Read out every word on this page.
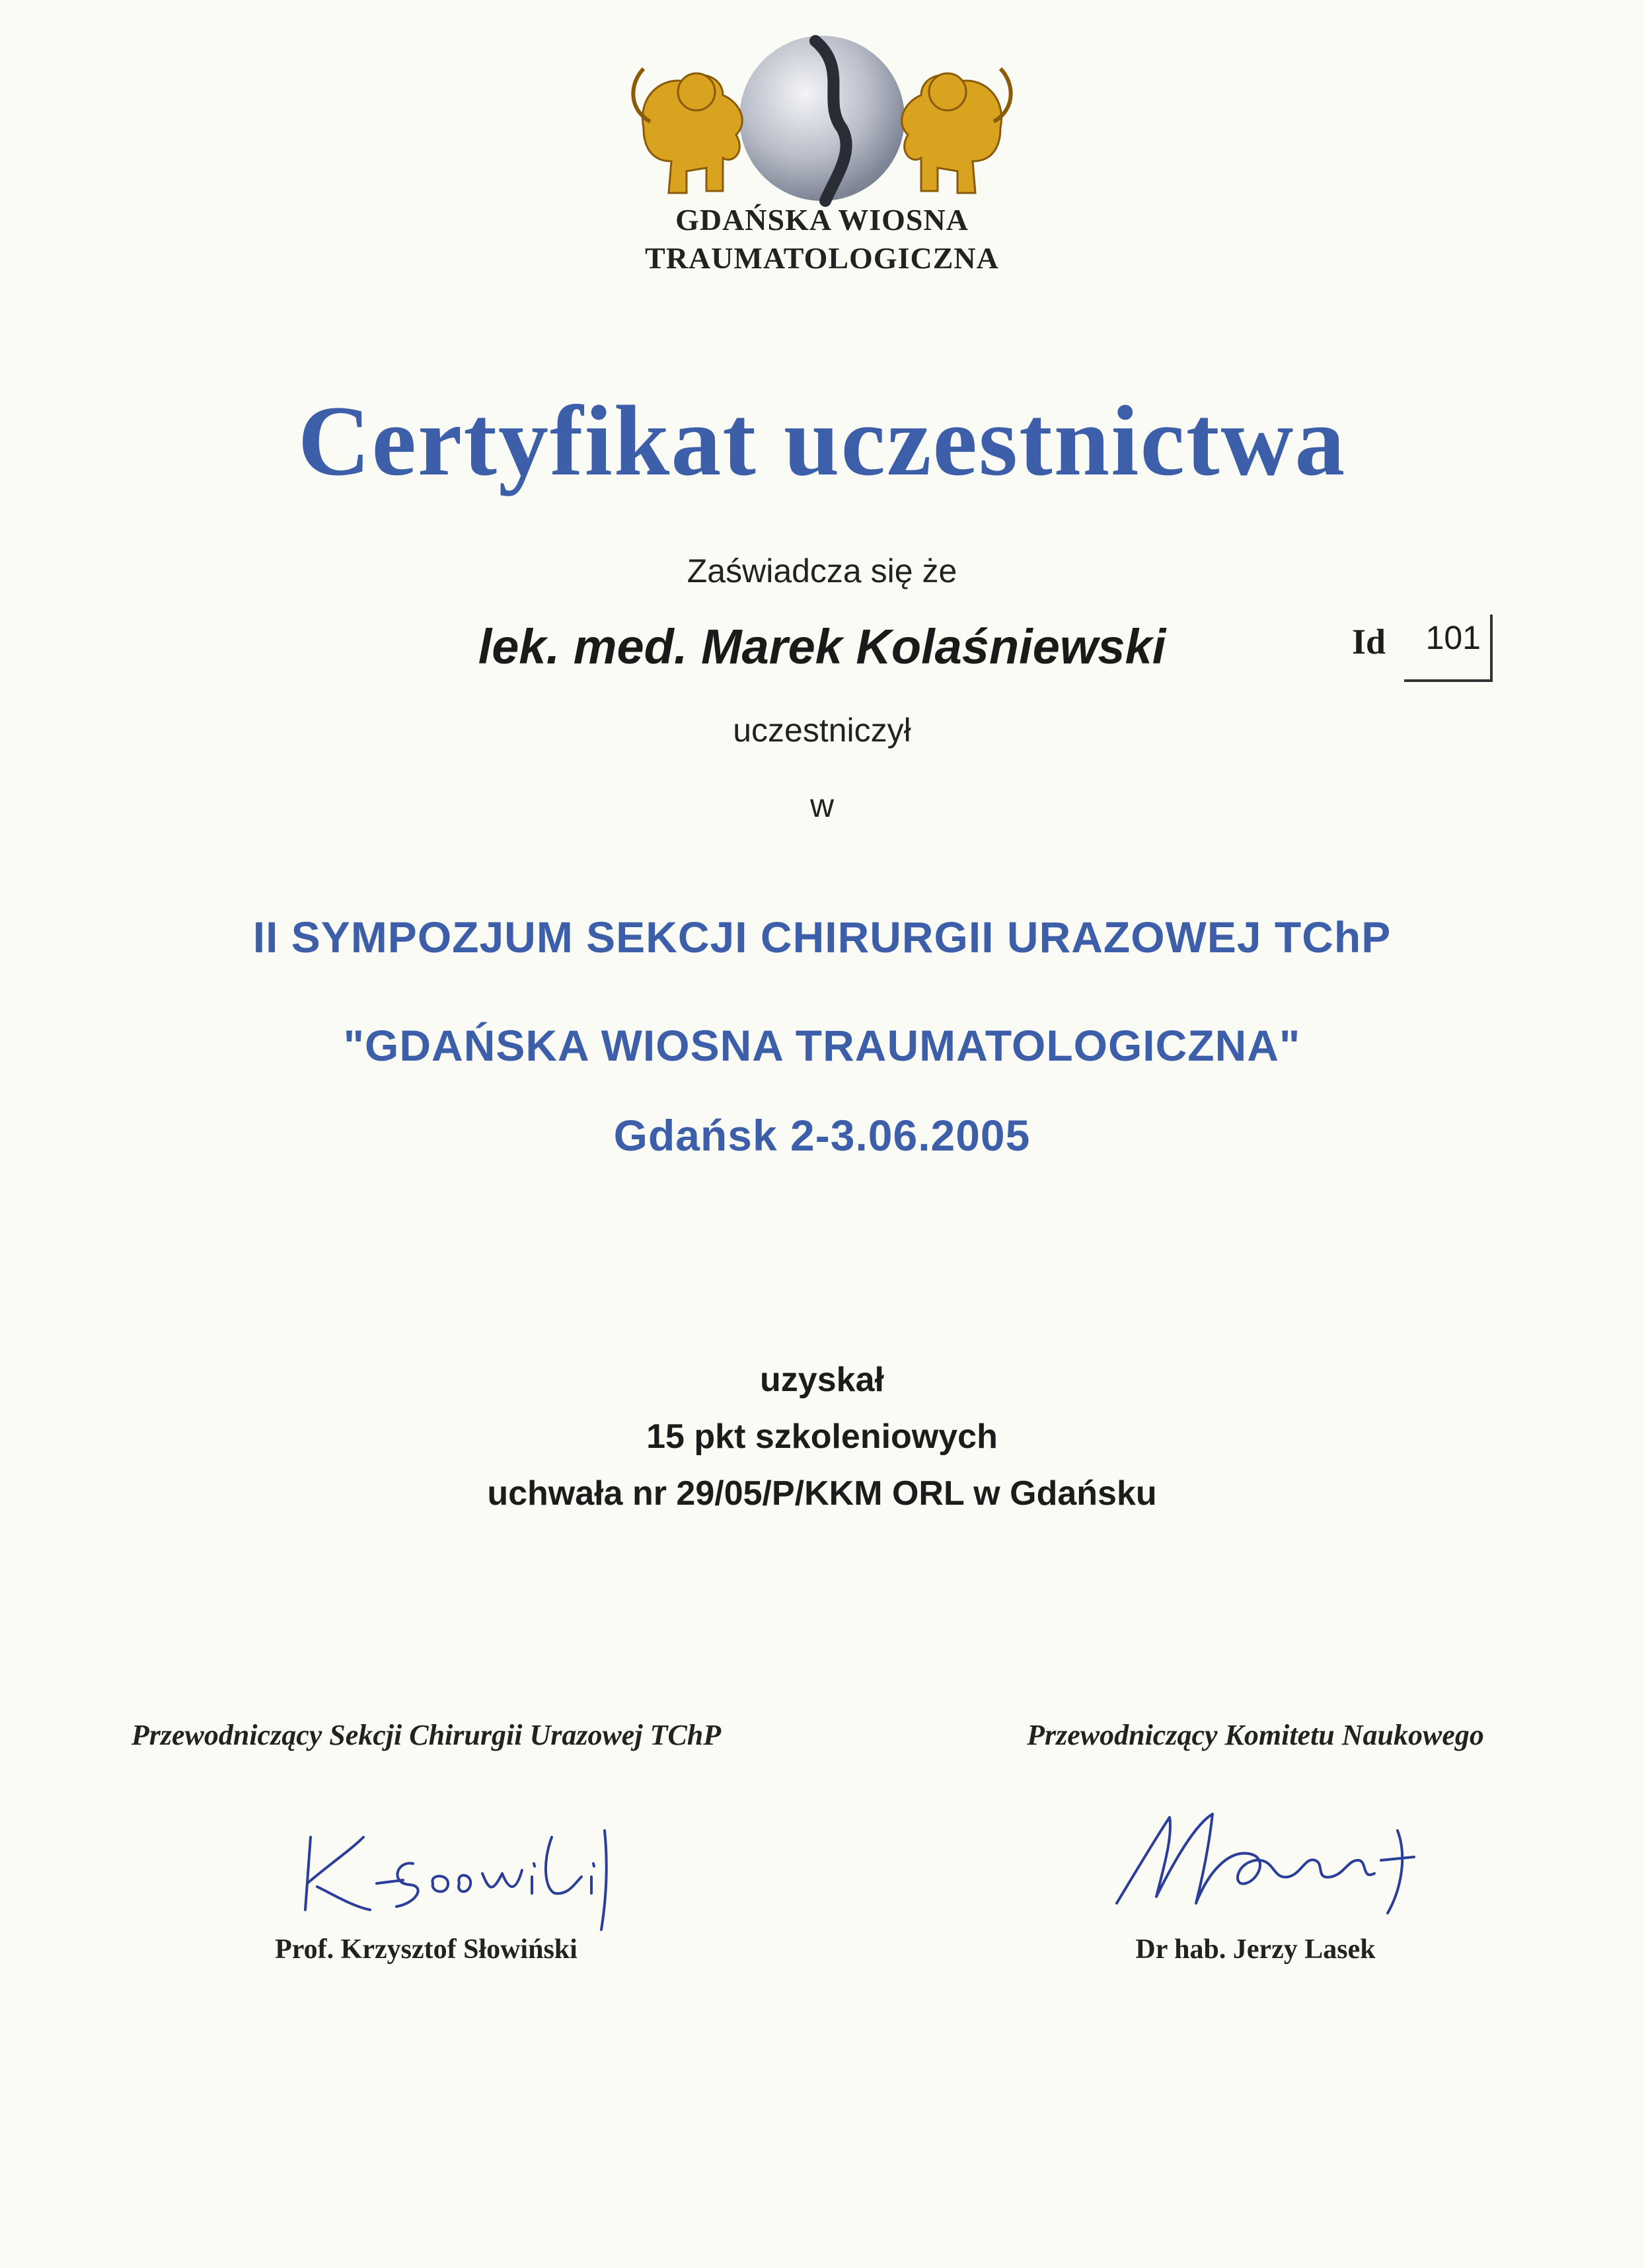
GDAŃSKA WIOSNA
TRAUMATOLOGICZNA
Certyfikat uczestnictwa
Zaświadcza się że
lek. med. Marek Kolaśniewski	Id	101
uczestniczył
w
II SYMPOZJUM SEKCJI CHIRURGII URAZOWEJ TChP
"GDAŃSKA WIOSNA TRAUMATOLOGICZNA"
Gdańsk 2-3.06.2005
uzyskał
15 pkt szkoleniowych
uchwała nr 29/05/P/KKM ORL w Gdańsku
Przewodniczący Sekcji Chirurgii Urazowej TChP
Prof. Krzysztof Słowiński
Przewodniczący Komitetu Naukowego
Dr hab. Jerzy Lasek
